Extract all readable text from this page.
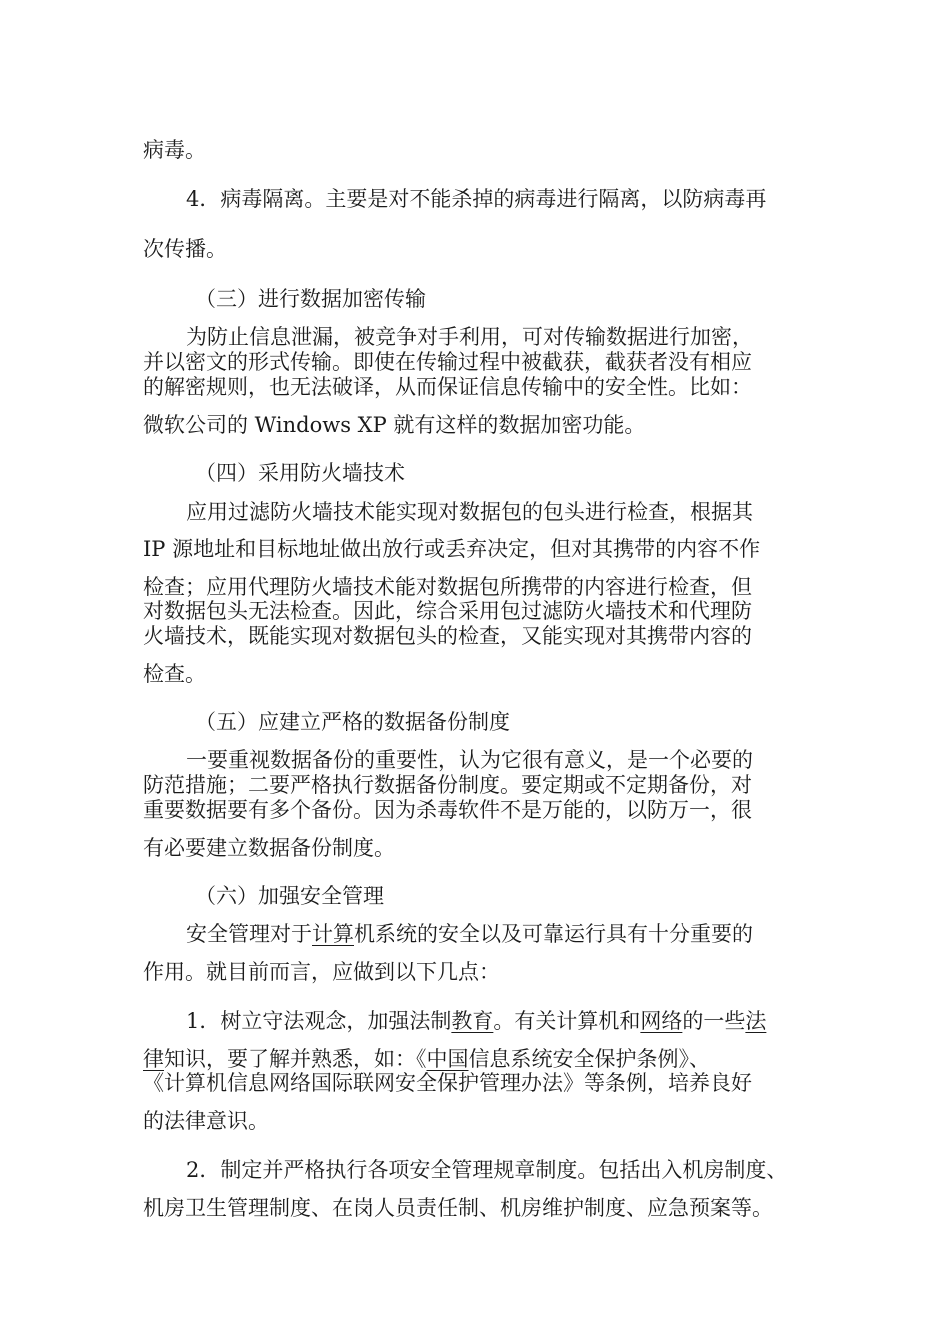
病毒。

4．病毒隔离。主要是对不能杀掉的病毒进行隔离，以防病毒再

次传播。

（三）进行数据加密传输

为防止信息泄漏，被竞争对手利用，可对传输数据进行加密，

并以密文的形式传输。即使在传输过程中被截获，截获者没有相应

的解密规则，也无法破译，从而保证信息传输中的安全性。比如：

微软公司的 Windows XP 就有这样的数据加密功能。

（四）采用防火墙技术

应用过滤防火墙技术能实现对数据包的包头进行检查，根据其

IP 源地址和目标地址做出放行或丢弃决定，但对其携带的内容不作

检查；应用代理防火墙技术能对数据包所携带的内容进行检查，但

对数据包头无法检查。因此，综合采用包过滤防火墙技术和代理防

火墙技术，既能实现对数据包头的检查，又能实现对其携带内容的

检查。

（五）应建立严格的数据备份制度

一要重视数据备份的重要性，认为它很有意义，是一个必要的

防范措施；二要严格执行数据备份制度。要定期或不定期备份，对

重要数据要有多个备份。因为杀毒软件不是万能的，以防万一，很

有必要建立数据备份制度。

（六）加强安全管理

安全管理对于计算机系统的安全以及可靠运行具有十分重要的

作用。就目前而言，应做到以下几点：

1．树立守法观念，加强法制教育。有关计算机和网络的一些法

律知识，要了解并熟悉，如：《中国信息系统安全保护条例》、

《计算机信息网络国际联网安全保护管理办法》等条例，培养良好

的法律意识。

2．制定并严格执行各项安全管理规章制度。包括出入机房制度、

机房卫生管理制度、在岗人员责任制、机房维护制度、应急预案等。
